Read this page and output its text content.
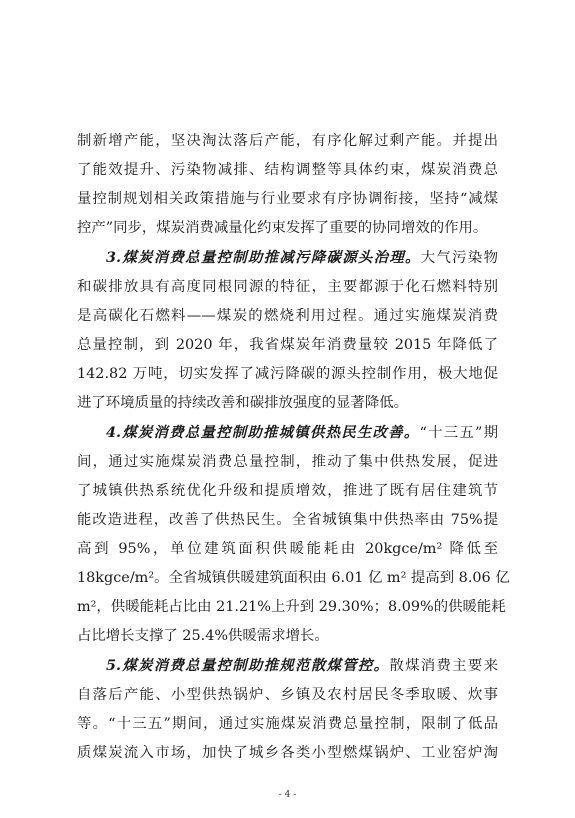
制新增产能，坚决淘汰落后产能，有序化解过剩产能。并提出
了能效提升、污染物减排、结构调整等具体约束，煤炭消费总
量控制规划相关政策措施与行业要求有序协调衔接，坚持“减煤
控产”同步，煤炭消费减量化约束发挥了重要的协同增效的作用。
3.煤炭消费总量控制助推减污降碳源头治理。大气污染物
和碳排放具有高度同根同源的特征，主要都源于化石燃料特别
是高碳化石燃料——煤炭的燃烧利用过程。通过实施煤炭消费
总量控制，到 2020 年，我省煤炭年消费量较 2015 年降低了
142.82 万吨，切实发挥了减污降碳的源头控制作用，极大地促
进了环境质量的持续改善和碳排放强度的显著降低。
4.煤炭消费总量控制助推城镇供热民生改善。“十三五”期
间，通过实施煤炭消费总量控制，推动了集中供热发展，促进
了城镇供热系统优化升级和提质增效，推进了既有居住建筑节
能改造进程，改善了供热民生。全省城镇集中供热率由 75%提
高到 95%，单位建筑面积供暖能耗由 20kgce/m² 降低至
18kgce/m²。全省城镇供暖建筑面积由 6.01 亿 m² 提高到 8.06 亿
m²，供暖能耗占比由 21.21%上升到 29.30%；8.09%的供暖能耗
占比增长支撑了 25.4%供暖需求增长。
5.煤炭消费总量控制助推规范散煤管控。散煤消费主要来
自落后产能、小型供热锅炉、乡镇及农村居民冬季取暖、炊事
等。“十三五”期间，通过实施煤炭消费总量控制，限制了低品
质煤炭流入市场，加快了城乡各类小型燃煤锅炉、工业窑炉淘
- 4 -
